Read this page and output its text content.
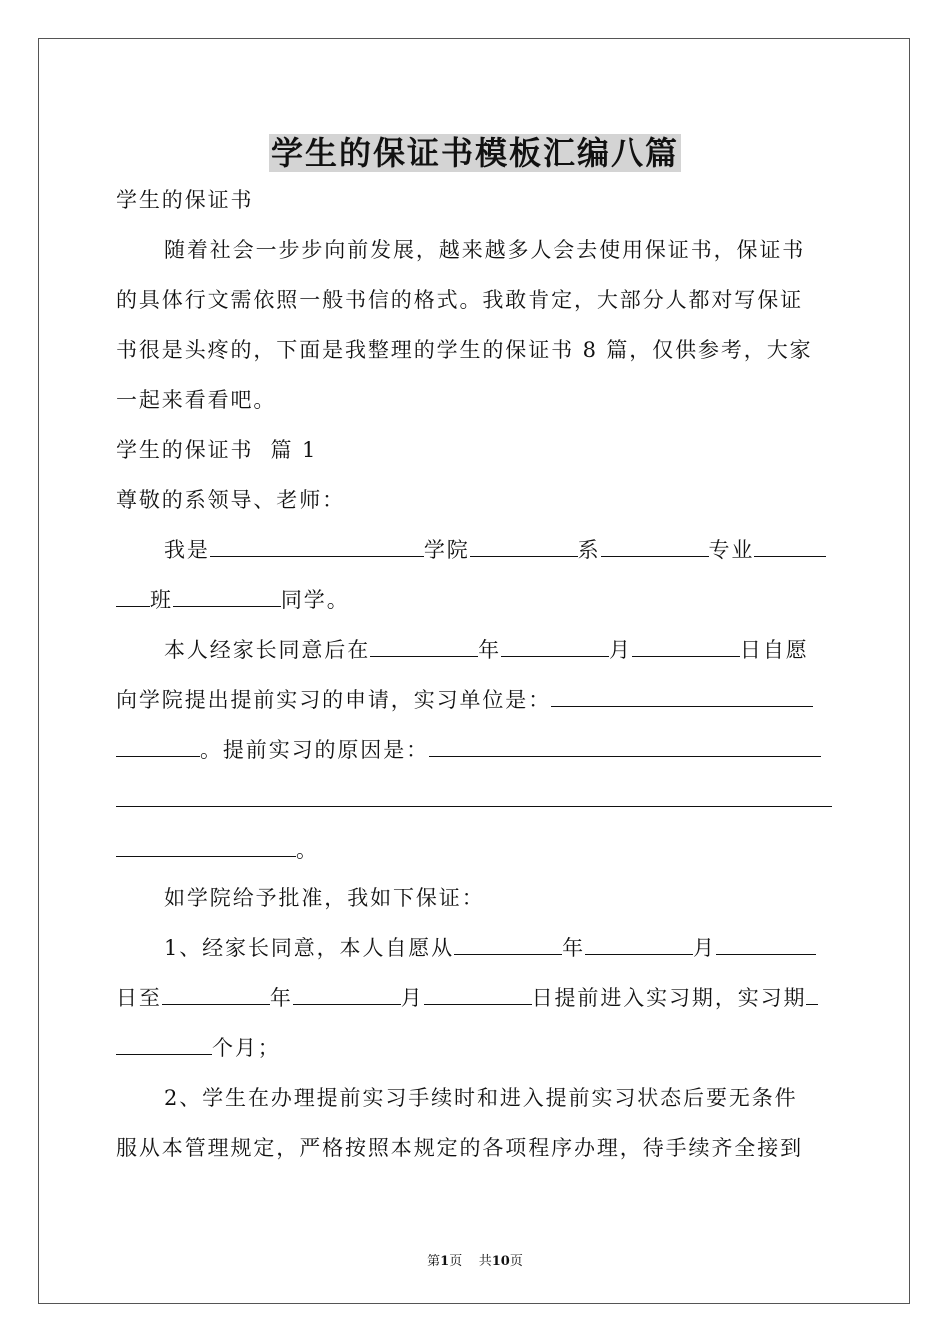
学生的保证书模板汇编八篇
学生的保证书
随着社会一步步向前发展，越来越多人会去使用保证书，保证书
的具体行文需依照一般书信的格式。我敢肯定，大部分人都对写保证
书很是头疼的，下面是我整理的学生的保证书 8 篇，仅供参考，大家
一起来看看吧。
学生的保证书  篇 1
尊敬的系领导、老师：
我是	学院	系	专业
班	同学。
本人经家长同意后在	年	月	日自愿
向学院提出提前实习的申请，实习单位是：
。提前实习的原因是：
。
如学院给予批准，我如下保证：
1、经家长同意，本人自愿从	年	月
日至	年	月	日提前进入实习期，实习期
个月；
2、学生在办理提前实习手续时和进入提前实习状态后要无条件
服从本管理规定，严格按照本规定的各项程序办理，待手续齐全接到
第1页 共10页
